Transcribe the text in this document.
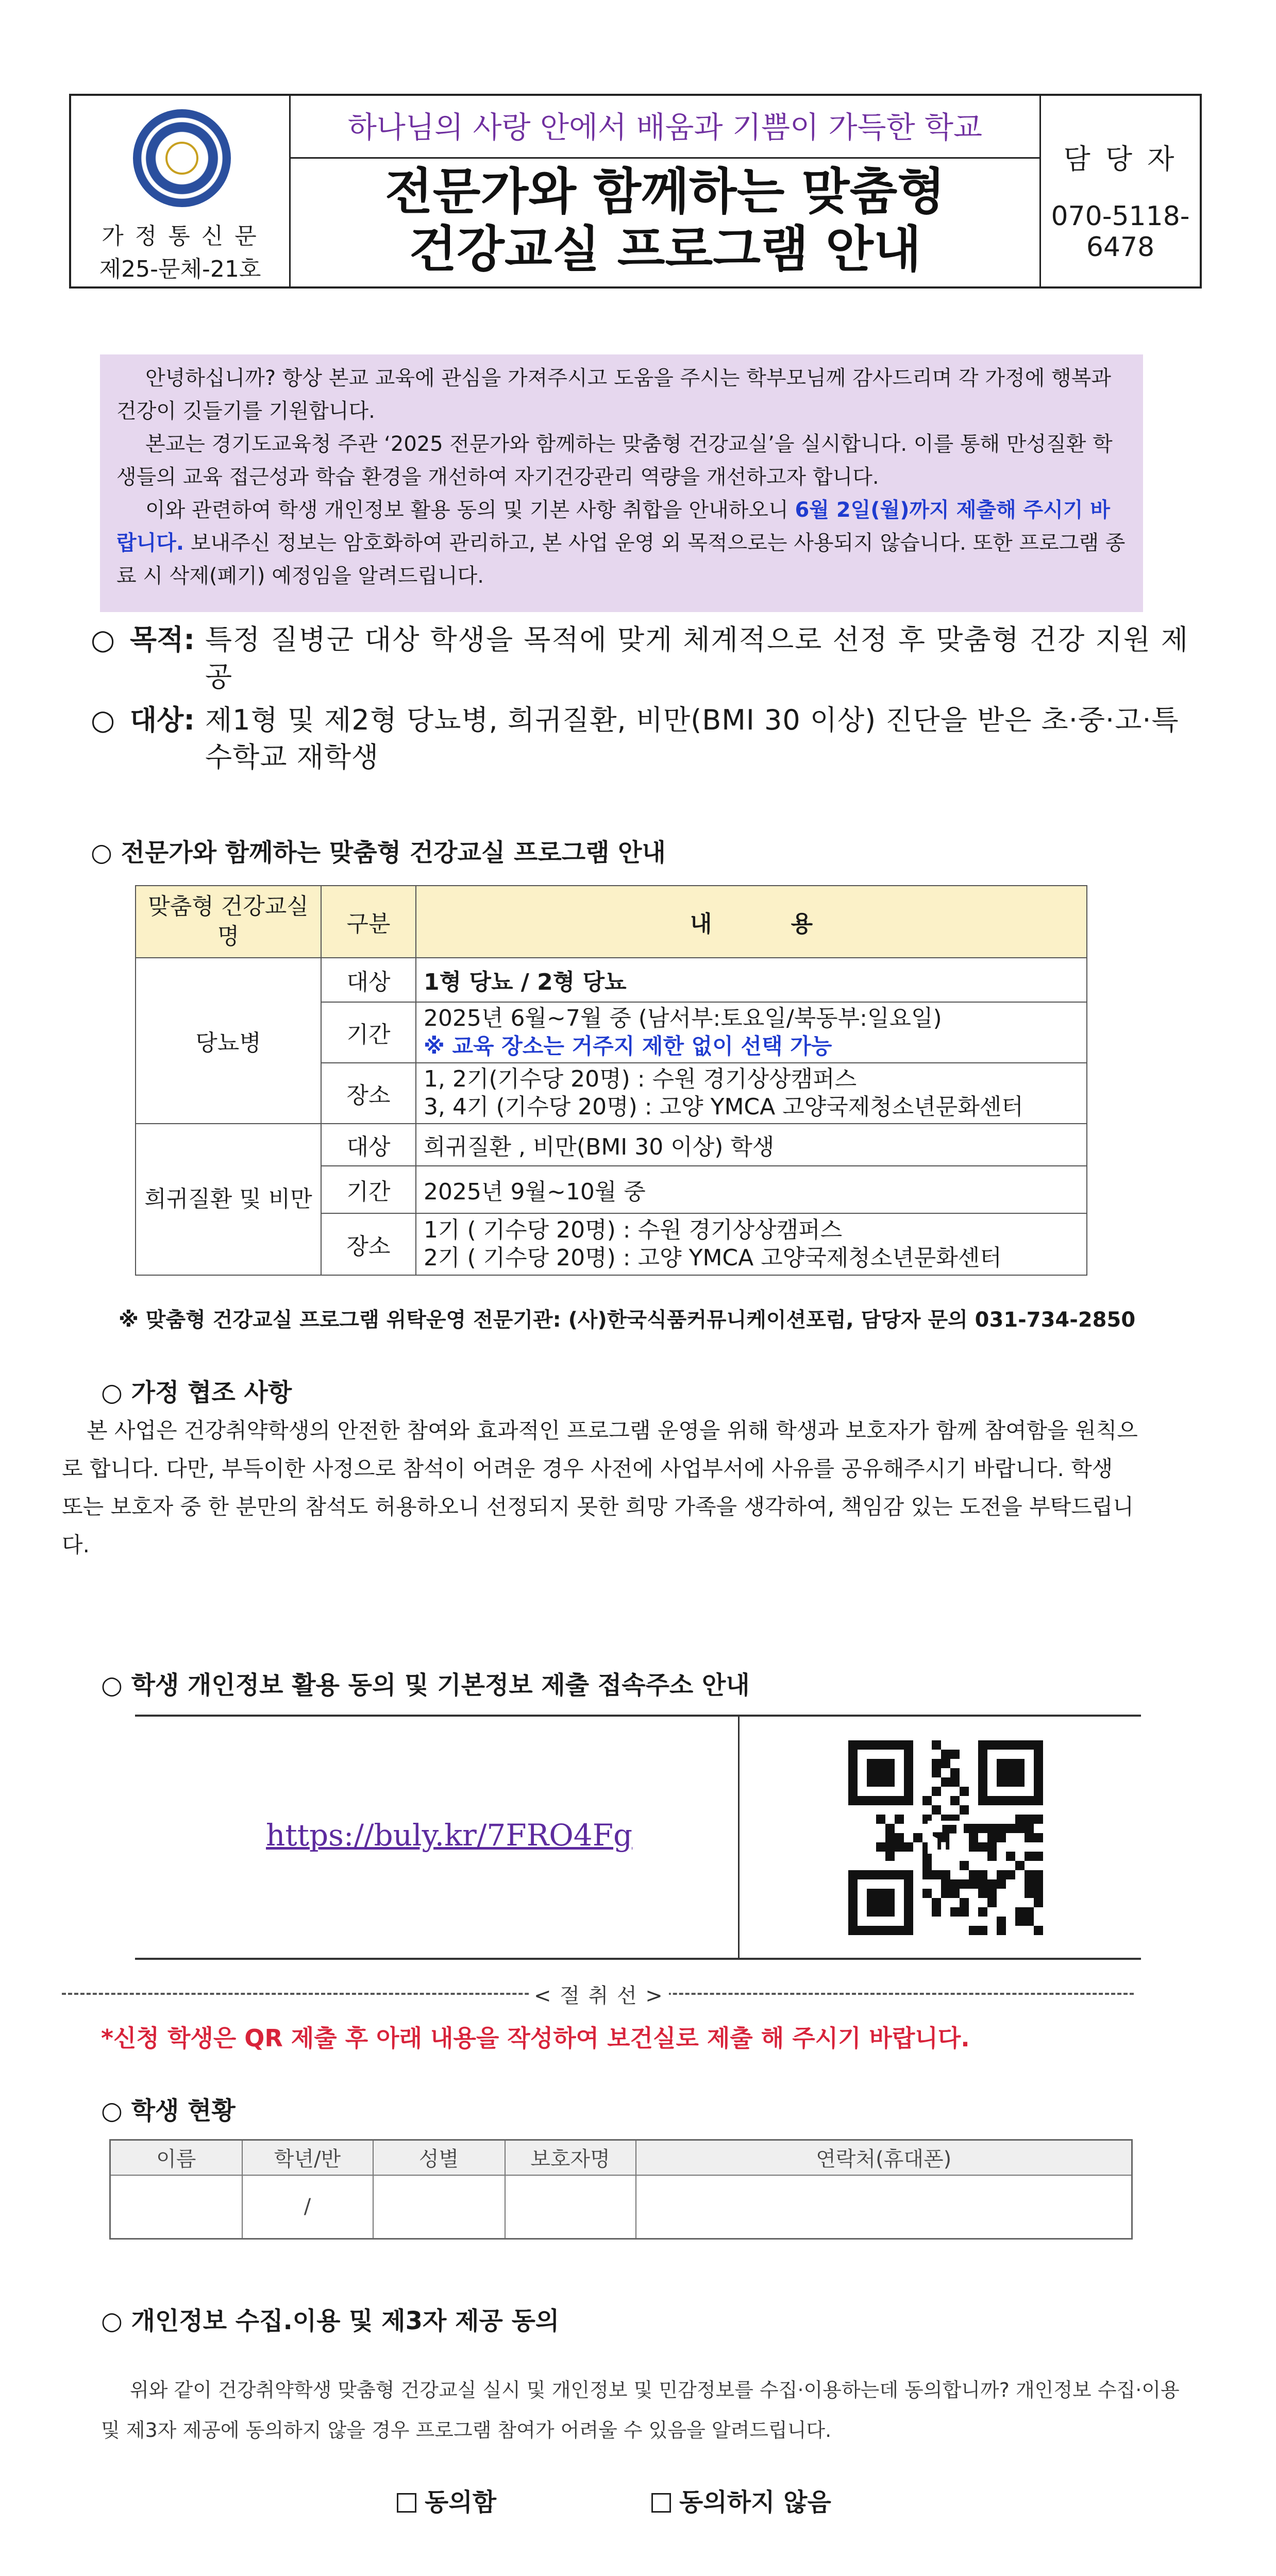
가 정 통 신 문
제25-문체-21호
하나님의 사랑 안에서 배움과 기쁨이 가득한 학교
전문가와 함께하는 맞춤형
건강교실 프로그램 안내
담 당 자
070-5118-6478

안녕하십니까? 항상 본교 교육에 관심을 가져주시고 도움을 주시는 학부모님께 감사드리며 각 가정에 행복과 건강이 깃들기를 기원합니다.

본교는 경기도교육청 주관 ‘2025 전문가와 함께하는 맞춤형 건강교실’을 실시합니다. 이를 통해 만성질환 학생들의 교육 접근성과 학습 환경을 개선하여 자기건강관리 역량을 개선하고자 합니다.

이와 관련하여 학생 개인정보 활용 동의 및 기본 사항 취합을 안내하오니 6월 2일(월)까지 제출해 주시기 바랍니다. 보내주신 정보는 암호화하여 관리하고, 본 사업 운영 외 목적으로는 사용되지 않습니다. 또한 프로그램 종료 시 삭제(폐기) 예정임을 알려드립니다.

○ 목적: 특정 질병군 대상 학생을 목적에 맞게 체계적으로 선정 후 맞춤형 건강 지원 제공
○ 대상: 제1형 및 제2형 당뇨병, 희귀질환, 비만(BMI 30 이상) 진단을 받은 초·중·고·특수학교 재학생
○ 전문가와 함께하는 맞춤형 건강교실 프로그램 안내
맞춤형 건강교실명	구분	내          용
당뇨병	대상	1형 당뇨 / 2형 당뇨
	기간	2025년 6월~7월 중 (남서부:토요일/북동부:일요일)
※ 교육 장소는 거주지 제한 없이 선택 가능

	장소	1, 2기(기수당 20명) : 수원 경기상상캠퍼스
3, 4기 (기수당 20명) : 고양 YMCA 고양국제청소년문화센터

희귀질환 및 비만	대상	희귀질환 , 비만(BMI 30 이상) 학생
	기간	2025년 9월~10월 중
	장소	1기 ( 기수당 20명) : 수원 경기상상캠퍼스
2기 ( 기수당 20명) : 고양 YMCA 고양국제청소년문화센터
※ 맞춤형 건강교실 프로그램 위탁운영 전문기관: (사)한국식품커뮤니케이션포럼, 담당자 문의 031-734-2850
○ 가정 협조 사항
본 사업은 건강취약학생의 안전한 참여와 효과적인 프로그램 운영을 위해 학생과 보호자가 함께 참여함을 원칙으로 합니다. 다만, 부득이한 사정으로 참석이 어려운 경우 사전에 사업부서에 사유를 공유해주시기 바랍니다. 학생 또는 보호자 중 한 분만의 참석도 허용하오니 선정되지 못한 희망 가족을 생각하여, 책임감 있는 도전을 부탁드립니다.
○ 학생 개인정보 활용 동의 및 기본정보 제출 접속주소 안내
https://buly.kr/7FRO4Fg
< 절 취 선 >
*신청 학생은 QR 제출 후 아래 내용을 작성하여 보건실로 제출 해 주시기 바랍니다.
○ 학생 현황
이름	학년/반	성별	보호자명	연락처(휴대폰)
	/			
○ 개인정보 수집.이용 및 제3자 제공 동의
위와 같이 건강취약학생 맞춤형 건강교실 실시 및 개인정보 및 민감정보를 수집·이용하는데 동의합니까? 개인정보 수집·이용 및 제3자 제공에 동의하지 않을 경우 프로그램 참여가 어려울 수 있음을 알려드립니다.
동의함	동의하지 않음
